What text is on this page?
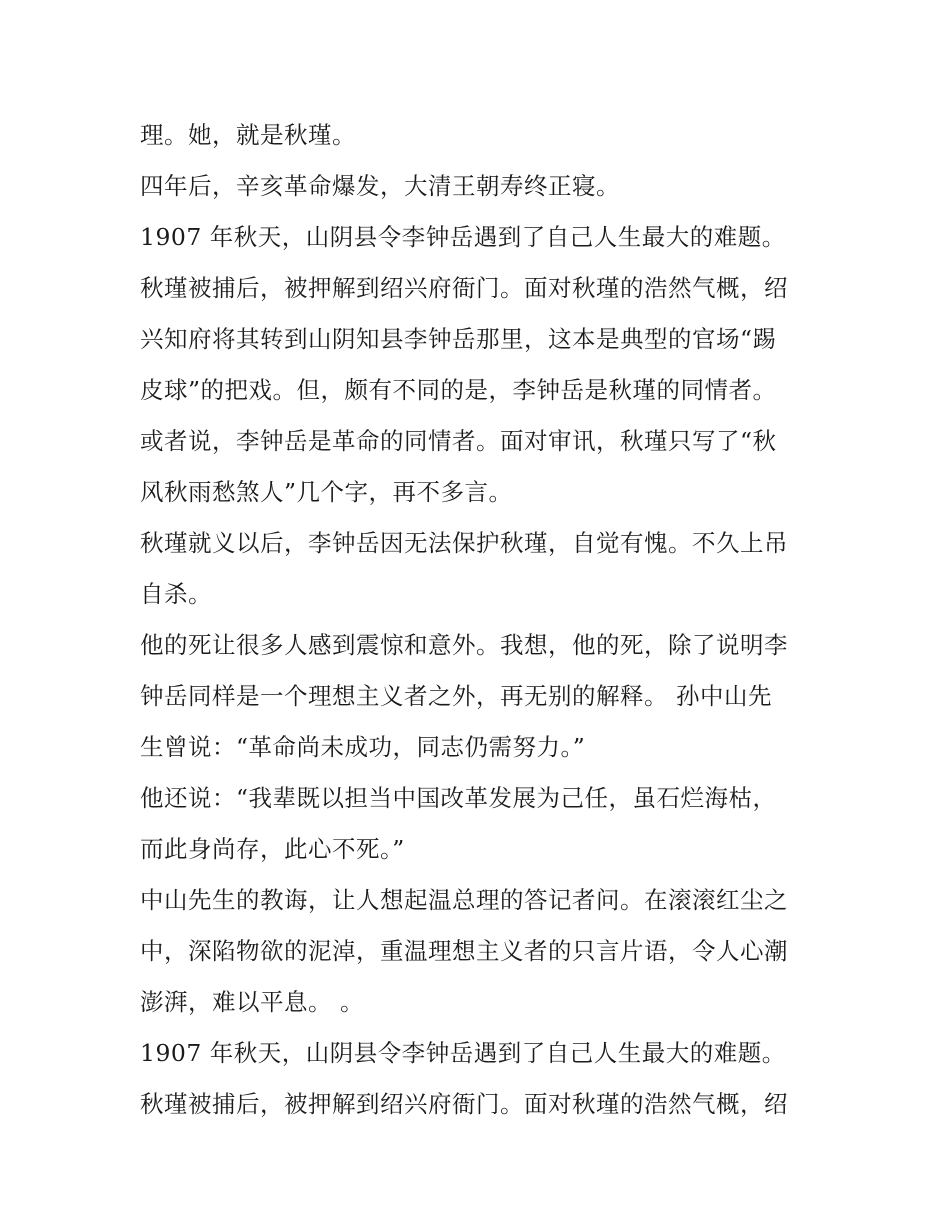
理。她，就是秋瑾。
四年后，辛亥革命爆发，大清王朝寿终正寝。
1907 年秋天，山阴县令李钟岳遇到了自己人生最大的难题。
秋瑾被捕后，被押解到绍兴府衙门。面对秋瑾的浩然气概，绍
兴知府将其转到山阴知县李钟岳那里，这本是典型的官场“踢
皮球”的把戏。但，颇有不同的是，李钟岳是秋瑾的同情者。
或者说，李钟岳是革命的同情者。面对审讯，秋瑾只写了“秋
风秋雨愁煞人”几个字，再不多言。
秋瑾就义以后，李钟岳因无法保护秋瑾，自觉有愧。不久上吊
自杀。
他的死让很多人感到震惊和意外。我想，他的死，除了说明李
钟岳同样是一个理想主义者之外，再无别的解释。 孙中山先
生曾说：“革命尚未成功，同志仍需努力。”
他还说：“我辈既以担当中国改革发展为己任，虽石烂海枯，
而此身尚存，此心不死。”
中山先生的教诲，让人想起温总理的答记者问。在滚滚红尘之
中，深陷物欲的泥淖，重温理想主义者的只言片语，令人心潮
澎湃，难以平息。 。
1907 年秋天，山阴县令李钟岳遇到了自己人生最大的难题。
秋瑾被捕后，被押解到绍兴府衙门。面对秋瑾的浩然气概，绍
